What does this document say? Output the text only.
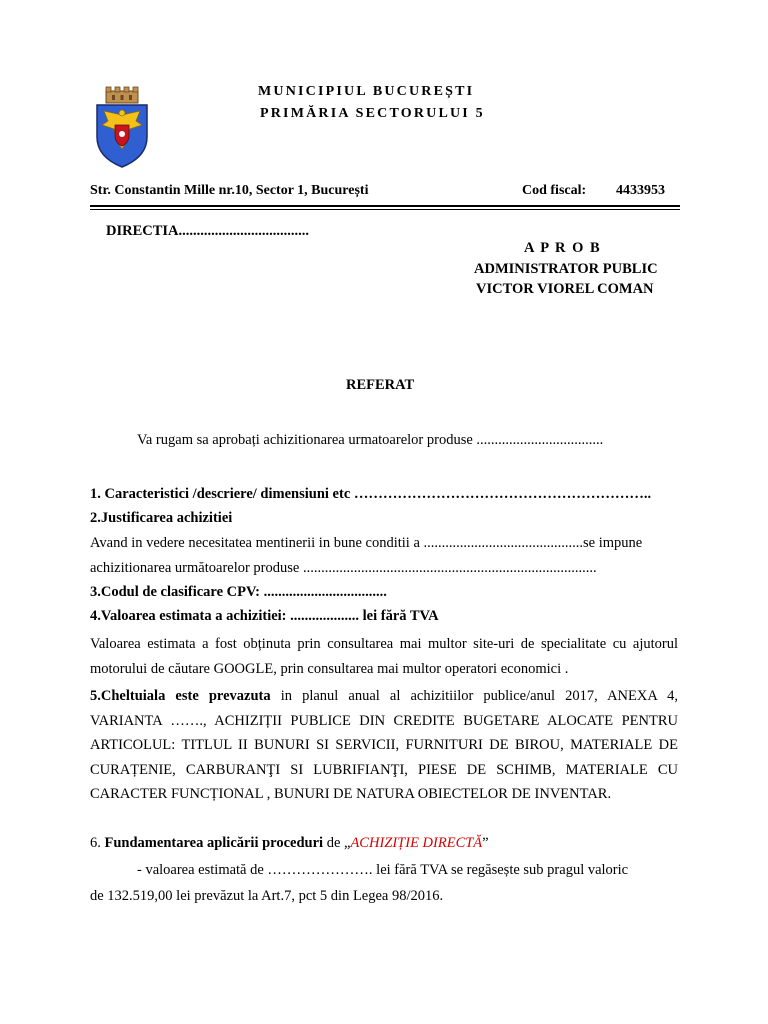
MUNICIPIUL BUCUREȘTI
PRIMĂRIA SECTORULUI 5
Str. Constantin Mille nr.10, Sector 1, București	Cod fiscal: 4433953
DIRECTIA....................................
A P R O B
ADMINISTRATOR PUBLIC
VICTOR VIOREL COMAN
REFERAT
Va rugam sa aprobați achizitionarea urmatoarelor produse ...................................
1. Caracteristici /descriere/ dimensiuni etc ……………………………………………………..
2.Justificarea achizitiei
Avand in vedere necesitatea mentinerii in bune conditii a ............................................se impune
achizitionarea următoarelor produse .................................................................................
3.Codul de clasificare CPV: ..................................
4.Valoarea estimata a achizitiei: ................... lei fără TVA
Valoarea estimata a fost obținuta prin consultarea mai multor site-uri de specialitate cu ajutorul motorului de căutare GOOGLE, prin consultarea mai multor operatori economici .
5.Cheltuiala este prevazuta in planul anual al achizitiilor publice/anul 2017, ANEXA 4, VARIANTA ……., ACHIZIȚII PUBLICE DIN CREDITE BUGETARE ALOCATE PENTRU ARTICOLUL: TITLUL II BUNURI SI SERVICII, FURNITURI DE BIROU, MATERIALE DE CURAȚENIE, CARBURANŢI SI LUBRIFIANŢI, PIESE DE SCHIMB, MATERIALE CU CARACTER FUNCȚIONAL , BUNURI DE NATURA OBIECTELOR DE INVENTAR.
6. Fundamentarea aplicării proceduri de „ACHIZIȚIE DIRECTĂ”
- valoarea estimată de …………………. lei fără TVA se regăsește sub pragul valoric
de 132.519,00 lei prevăzut la Art.7, pct 5 din Legea 98/2016.
